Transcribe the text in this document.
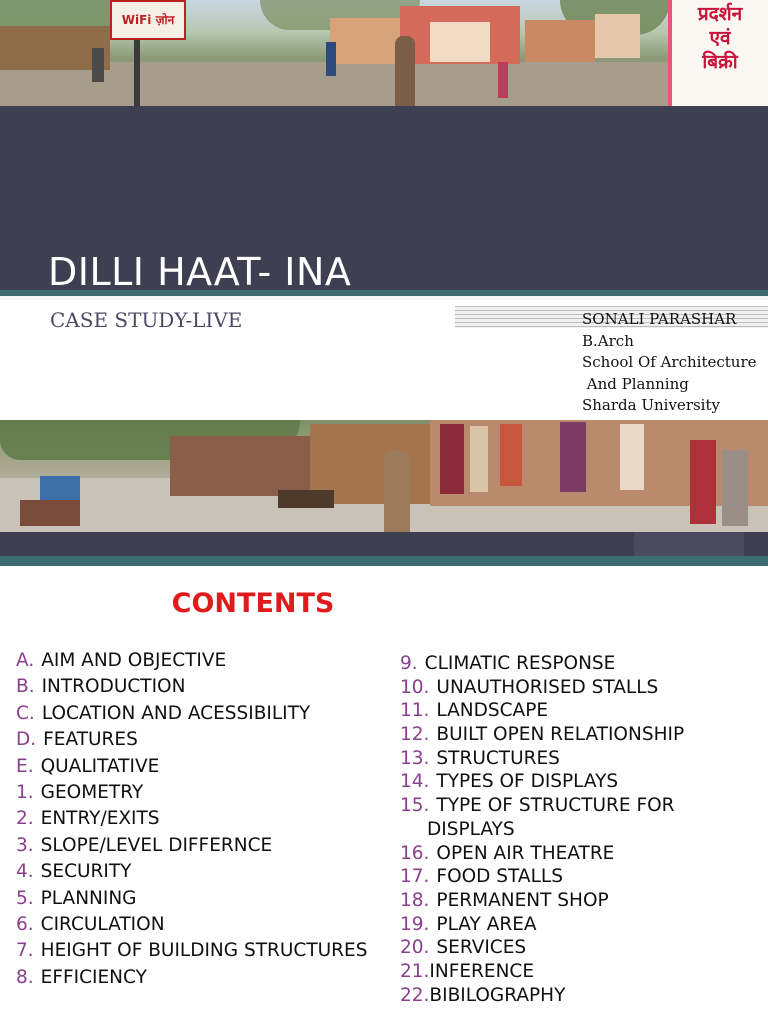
WiFi ज़ोन	प्रदर्शन
एवं
बिक्री
DILLI HAAT- INA
CASE STUDY-LIVE	SONALI PARASHAR
B.Arch
School Of Architecture
And Planning
Sharda University
CONTENTS
A. AIM AND OBJECTIVE
B. INTRODUCTION
C. LOCATION AND ACESSIBILITY
D. FEATURES
E. QUALITATIVE
1. GEOMETRY
2. ENTRY/EXITS
3. SLOPE/LEVEL DIFFERNCE
4. SECURITY
5. PLANNING
6. CIRCULATION
7. HEIGHT OF BUILDING STRUCTURES
8. EFFICIENCY
9. CLIMATIC RESPONSE
10. UNAUTHORISED STALLS
11. LANDSCAPE
12. BUILT OPEN RELATIONSHIP
13. STRUCTURES
14. TYPES OF DISPLAYS
15. TYPE OF STRUCTURE FOR
DISPLAYS
16. OPEN AIR THEATRE
17. FOOD STALLS
18. PERMANENT SHOP
19. PLAY AREA
20. SERVICES
21.INFERENCE
22.BIBILOGRAPHY
